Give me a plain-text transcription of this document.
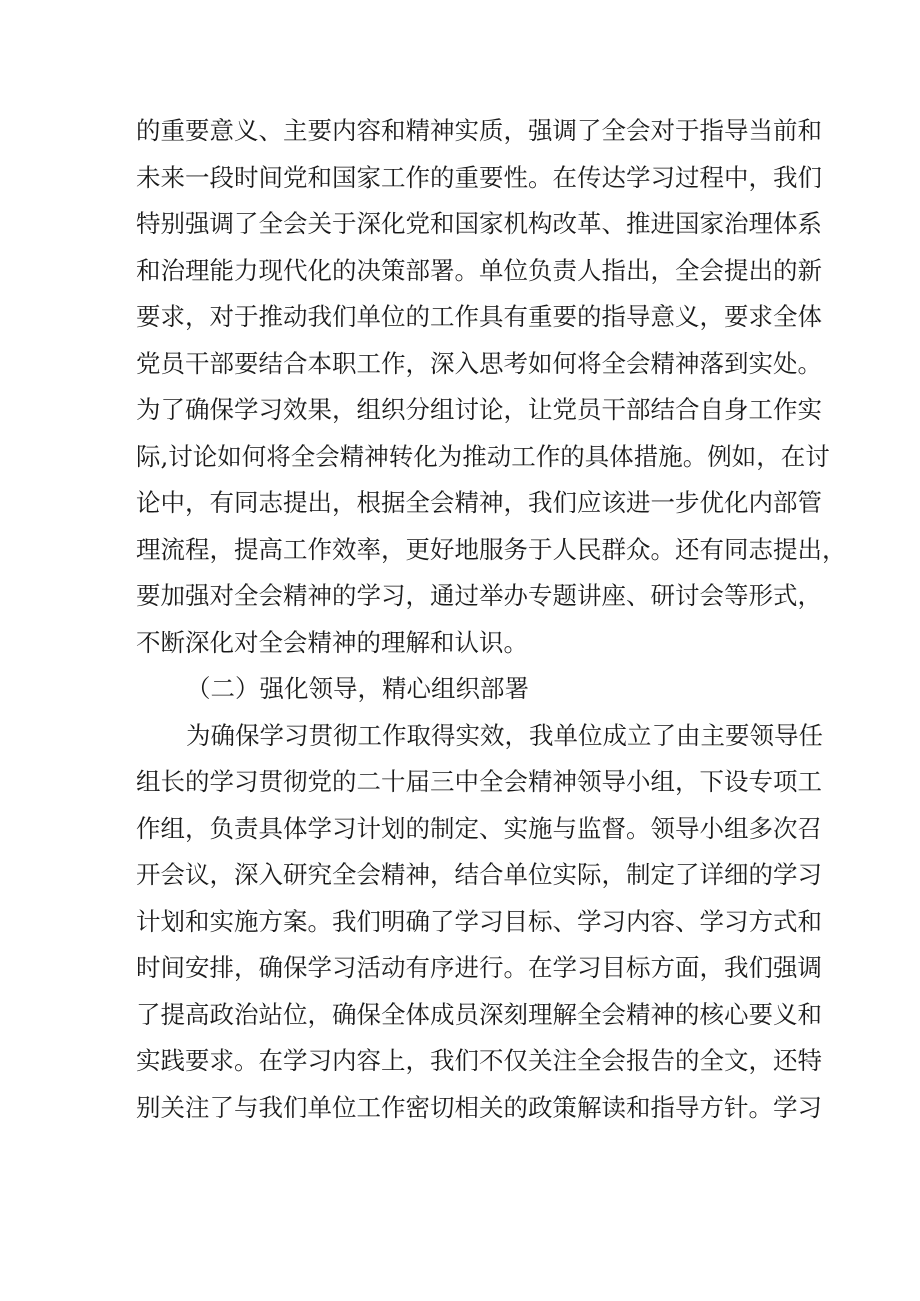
的重要意义、主要内容和精神实质，强调了全会对于指导当前和
未来一段时间党和国家工作的重要性。在传达学习过程中，我们
特别强调了全会关于深化党和国家机构改革、推进国家治理体系
和治理能力现代化的决策部署。单位负责人指出，全会提出的新
要求，对于推动我们单位的工作具有重要的指导意义，要求全体
党员干部要结合本职工作，深入思考如何将全会精神落到实处。
为了确保学习效果，组织分组讨论，让党员干部结合自身工作实
际,讨论如何将全会精神转化为推动工作的具体措施。例如，在讨
论中，有同志提出，根据全会精神，我们应该进一步优化内部管
理流程，提高工作效率，更好地服务于人民群众。还有同志提出，
要加强对全会精神的学习，通过举办专题讲座、研讨会等形式，
不断深化对全会精神的理解和认识。
（二）强化领导，精心组织部署
为确保学习贯彻工作取得实效，我单位成立了由主要领导任
组长的学习贯彻党的二十届三中全会精神领导小组，下设专项工
作组，负责具体学习计划的制定、实施与监督。领导小组多次召
开会议，深入研究全会精神，结合单位实际，制定了详细的学习
计划和实施方案。我们明确了学习目标、学习内容、学习方式和
时间安排，确保学习活动有序进行。在学习目标方面，我们强调
了提高政治站位，确保全体成员深刻理解全会精神的核心要义和
实践要求。在学习内容上，我们不仅关注全会报告的全文，还特
别关注了与我们单位工作密切相关的政策解读和指导方针。学习
